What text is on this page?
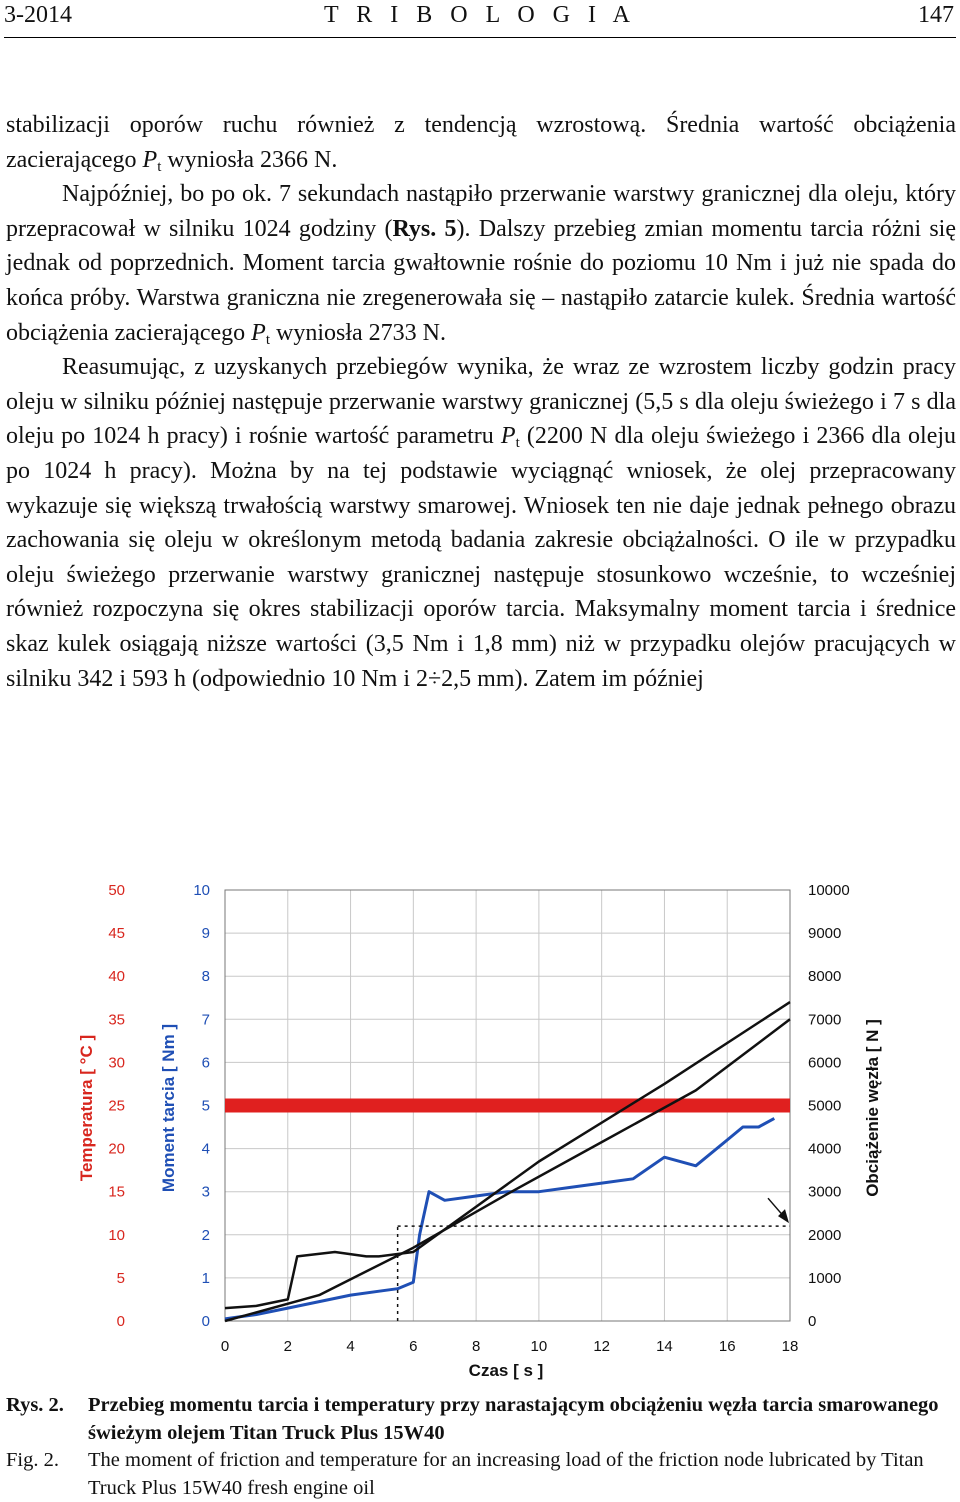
3-2014	T R I B O L O G I A	147

stabilizacji oporów ruchu również z tendencją wzrostową. Średnia wartość obciążenia zacierającego $P_t$ wyniosła 2366 N.

Najpóźniej, bo po ok. 7 sekundach nastąpiło przerwanie warstwy granicznej dla oleju, który przepracował w silniku 1024 godziny (Rys. 5). Dalszy przebieg zmian momentu tarcia różni się jednak od poprzednich. Moment tarcia gwałtownie rośnie do poziomu 10 Nm i już nie spada do końca próby. Warstwa graniczna nie zregenerowała się – nastąpiło zatarcie kulek. Średnia wartość obciążenia zacierającego $P_t$ wyniosła 2733 N.

Reasumując, z uzyskanych przebiegów wynika, że wraz ze wzrostem liczby godzin pracy oleju w silniku później następuje przerwanie warstwy granicznej (5,5 s dla oleju świeżego i 7 s dla oleju po 1024 h pracy) i rośnie wartość parametru $P_t$ (2200 N dla oleju świeżego i 2366 dla oleju po 1024 h pracy). Można by na tej podstawie wyciągnąć wniosek, że olej przepracowany wykazuje się większą trwałością warstwy smarowej. Wniosek ten nie daje jednak pełnego obrazu zachowania się oleju w określonym metodą badania zakresie obciążalności. O ile w przypadku oleju świeżego przerwanie warstwy granicznej następuje stosunkowo wcześnie, to wcześniej również rozpoczyna się okres stabilizacji oporów tarcia. Maksymalny moment tarcia i średnice skaz kulek osiągają niższe wartości (3,5 Nm i 1,8 mm) niż w przypadku olejów pracujących w silniku 342 i 593 h (odpowiednio 10 Nm i 2÷2,5 mm). Zatem im później

0	2	4	6	8	10	12	14	16	18
0
5
10
15
20
25
30
35
40
45
50
0
1
2
3
4
5
6
7
8
9
10
0
1000
2000
3000
4000
5000
6000
7000
8000
9000
10000
Temperatura [ °C ]	Moment tarcia [ Nm ]	Obciążenie węzła [ N ]
Czas [ s ]
Rys. 2. Przebieg momentu tarcia i temperatury przy narastającym obciążeniu węzła tarcia smarowanego świeżym olejem Titan Truck Plus 15W40
Fig. 2. The moment of friction and temperature for an increasing load of the friction node lubricated by Titan Truck Plus 15W40 fresh engine oil
